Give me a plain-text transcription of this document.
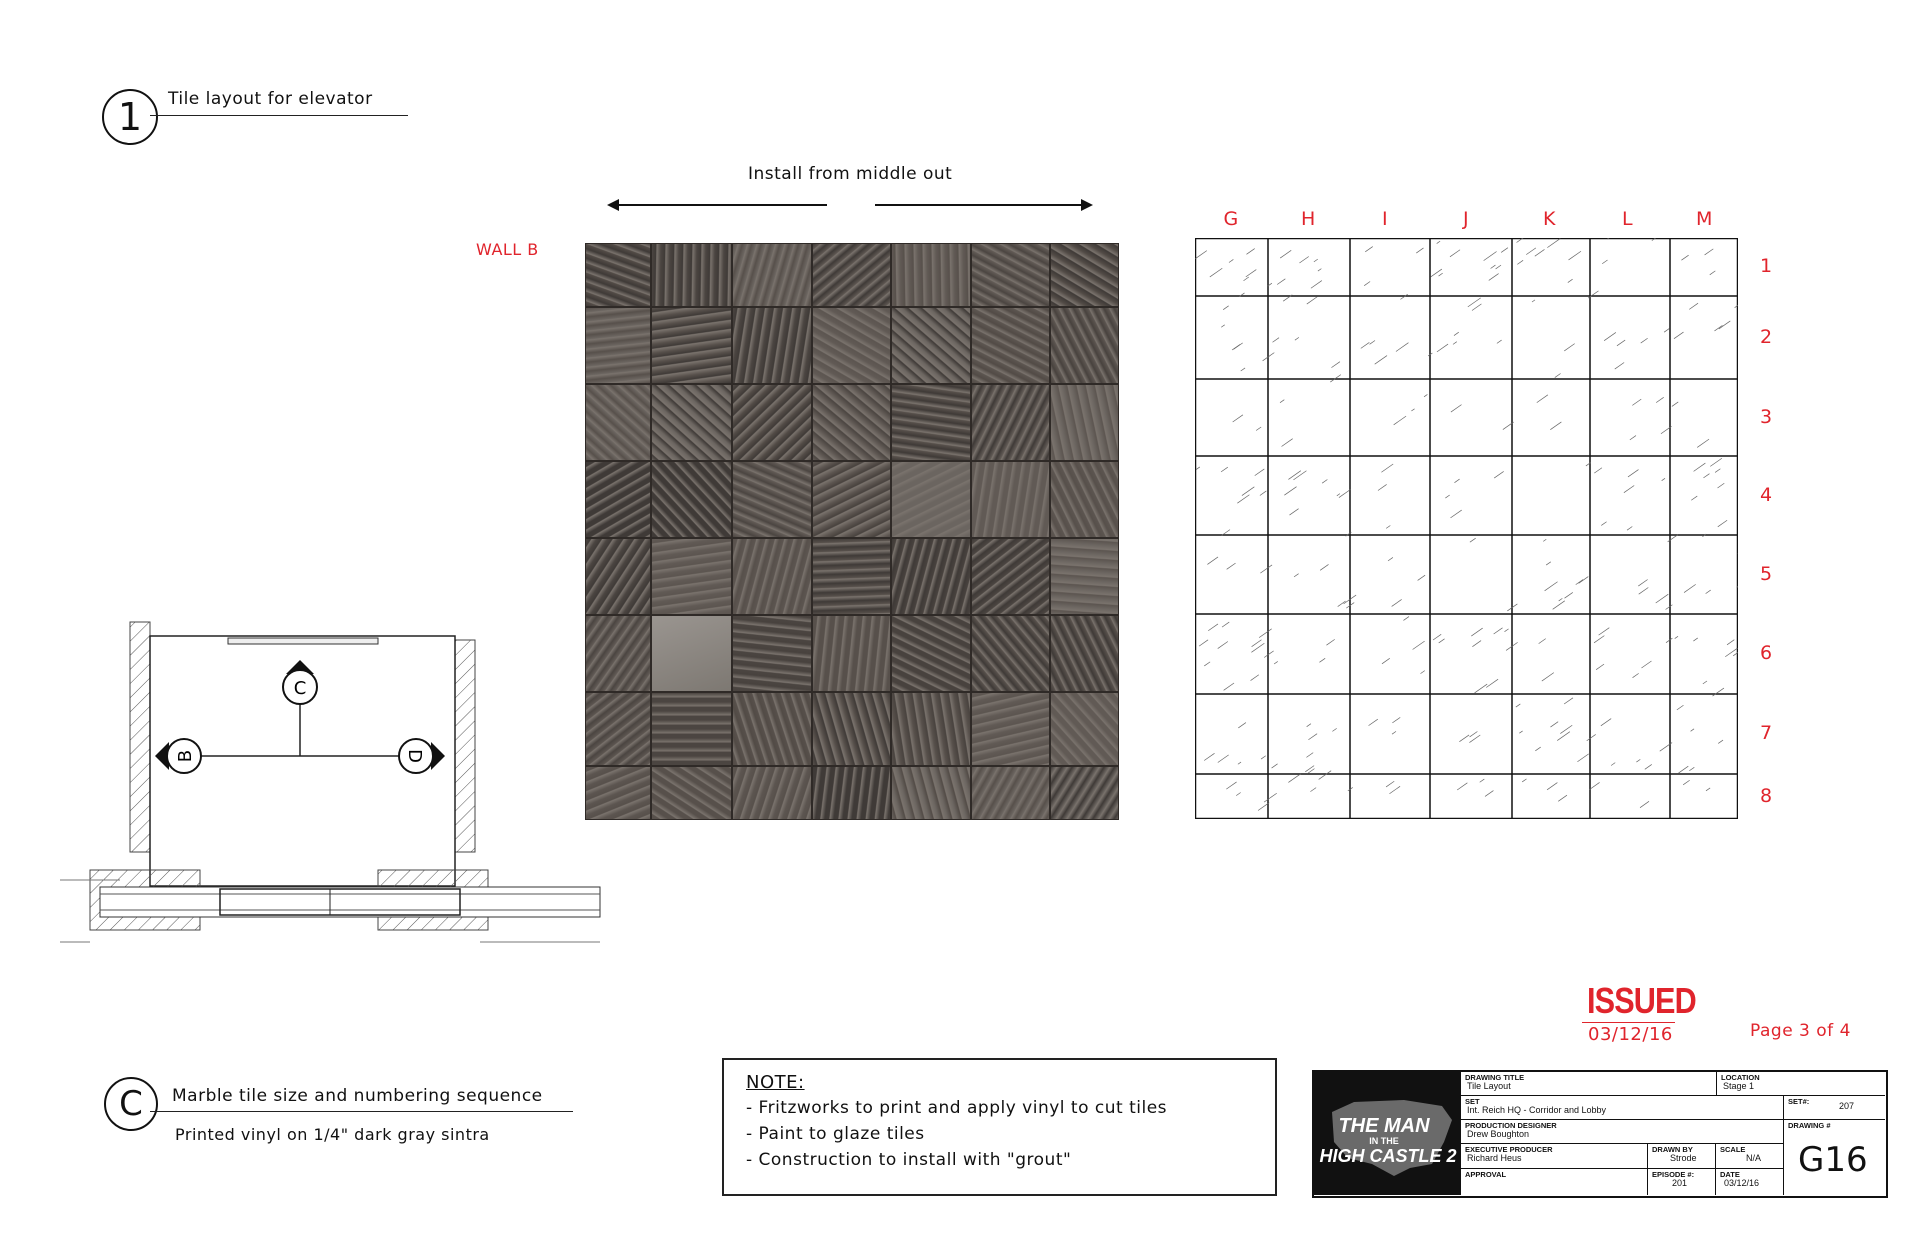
1 Tile layout for elevator
Install from middle out
WALL B
G	H	I	J	K	L	M
1
2
3
4
5
6
7
8
C
B	D
C Marble tile size and numbering sequence
Printed vinyl on 1/4" dark gray sintra
ISSUED
03/12/16	Page 3 of 4
NOTE:
- Fritzworks to print and apply vinyl to cut tiles
- Paint to glaze tiles
- Construction to install with "grout"
THE MAN
IN THE
HIGH CASTLE 2
DRAWING TITLE
Tile Layout
LOCATION
Stage 1
SET
Int. Reich HQ - Corridor and Lobby
SET#:	207
PRODUCTION DESIGNER
Drew Boughton
DRAWING #
G16
EXECUTIVE PRODUCER
Richard Heus
DRAWN BY
Strode
SCALE
N/A
APPROVAL	EPISODE #:
201
DATE
03/12/16
